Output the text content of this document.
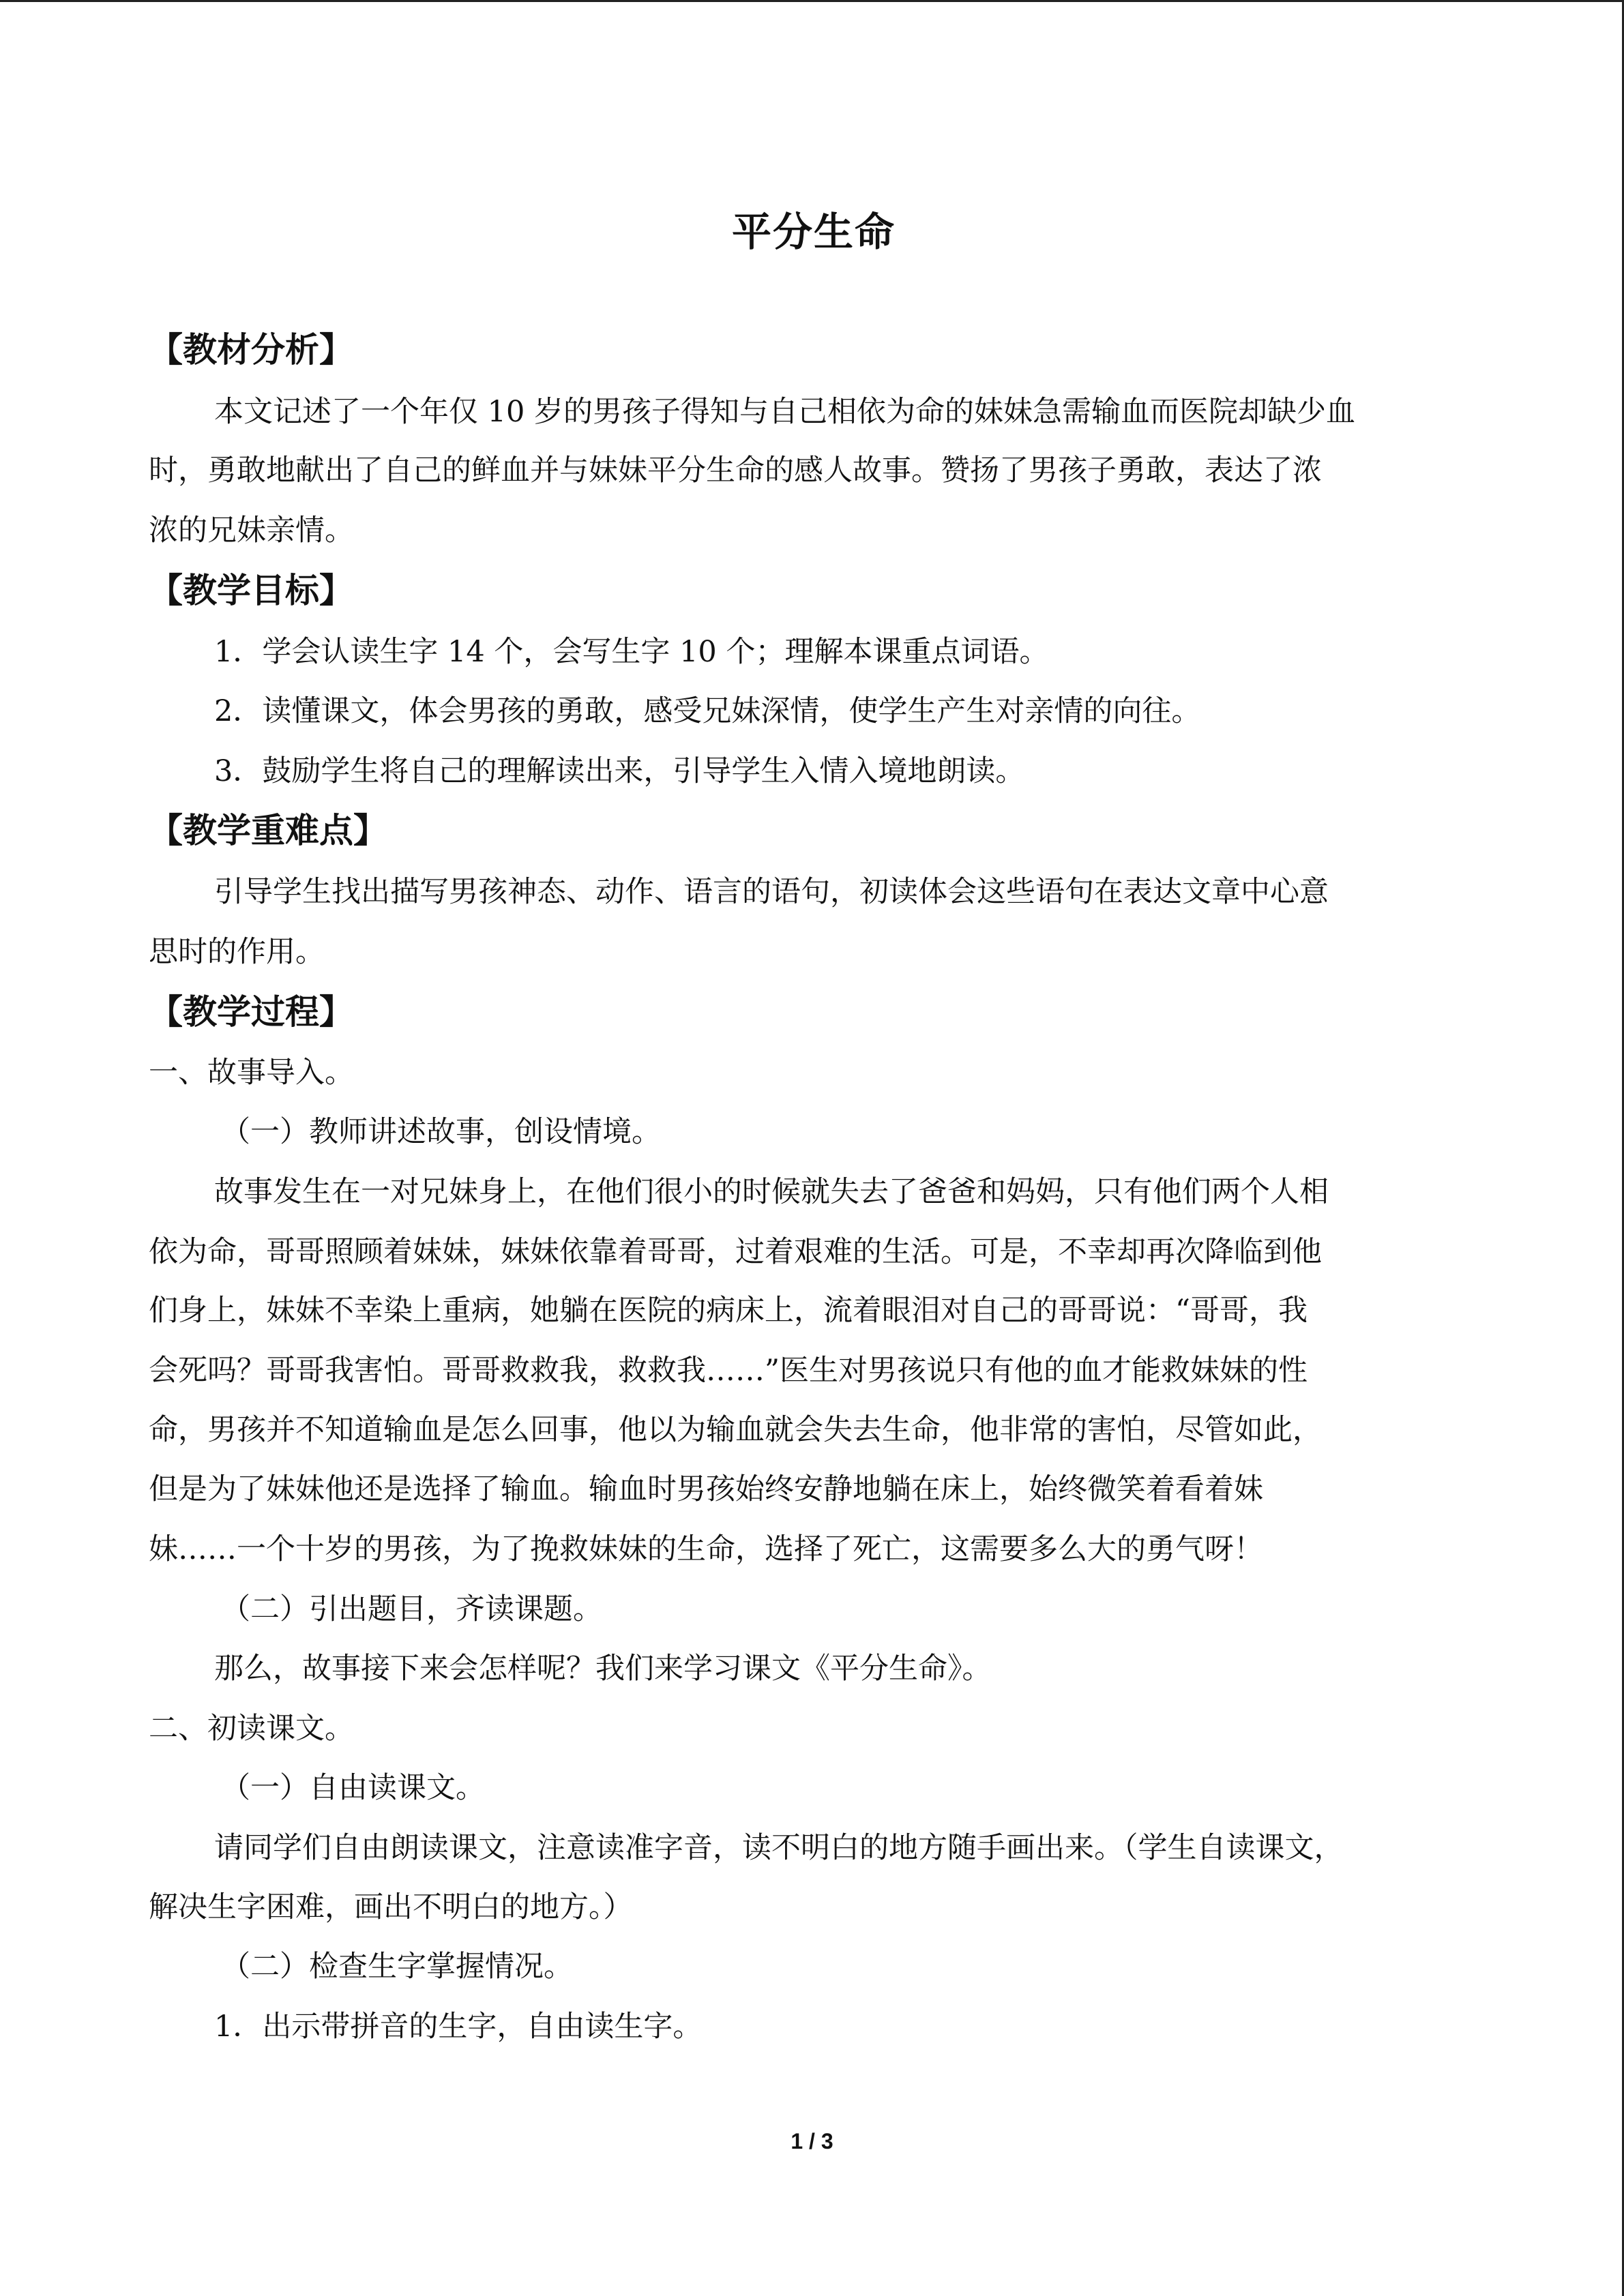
平分生命
【教材分析】
本文记述了一个年仅 10 岁的男孩子得知与自己相依为命的妹妹急需输血而医院却缺少血
时，勇敢地献出了自己的鲜血并与妹妹平分生命的感人故事。赞扬了男孩子勇敢，表达了浓
浓的兄妹亲情。
【教学目标】
1．学会认读生字 14 个，会写生字 10 个；理解本课重点词语。
2．读懂课文，体会男孩的勇敢，感受兄妹深情，使学生产生对亲情的向往。
3．鼓励学生将自己的理解读出来，引导学生入情入境地朗读。
【教学重难点】
引导学生找出描写男孩神态、动作、语言的语句，初读体会这些语句在表达文章中心意
思时的作用。
【教学过程】
一、故事导入。
（一）教师讲述故事，创设情境。
故事发生在一对兄妹身上，在他们很小的时候就失去了爸爸和妈妈，只有他们两个人相
依为命，哥哥照顾着妹妹，妹妹依靠着哥哥，过着艰难的生活。可是，不幸却再次降临到他
们身上，妹妹不幸染上重病，她躺在医院的病床上，流着眼泪对自己的哥哥说：“哥哥，我
会死吗？哥哥我害怕。哥哥救救我，救救我……”医生对男孩说只有他的血才能救妹妹的性
命，男孩并不知道输血是怎么回事，他以为输血就会失去生命，他非常的害怕，尽管如此，
但是为了妹妹他还是选择了输血。输血时男孩始终安静地躺在床上，始终微笑着看着妹
妹……一个十岁的男孩，为了挽救妹妹的生命，选择了死亡，这需要多么大的勇气呀！
（二）引出题目，齐读课题。
那么，故事接下来会怎样呢？我们来学习课文《平分生命》。
二、初读课文。
（一）自由读课文。
请同学们自由朗读课文，注意读准字音，读不明白的地方随手画出来。（学生自读课文，
解决生字困难，画出不明白的地方。）
（二）检查生字掌握情况。
1．出示带拼音的生字，自由读生字。
1 / 3
